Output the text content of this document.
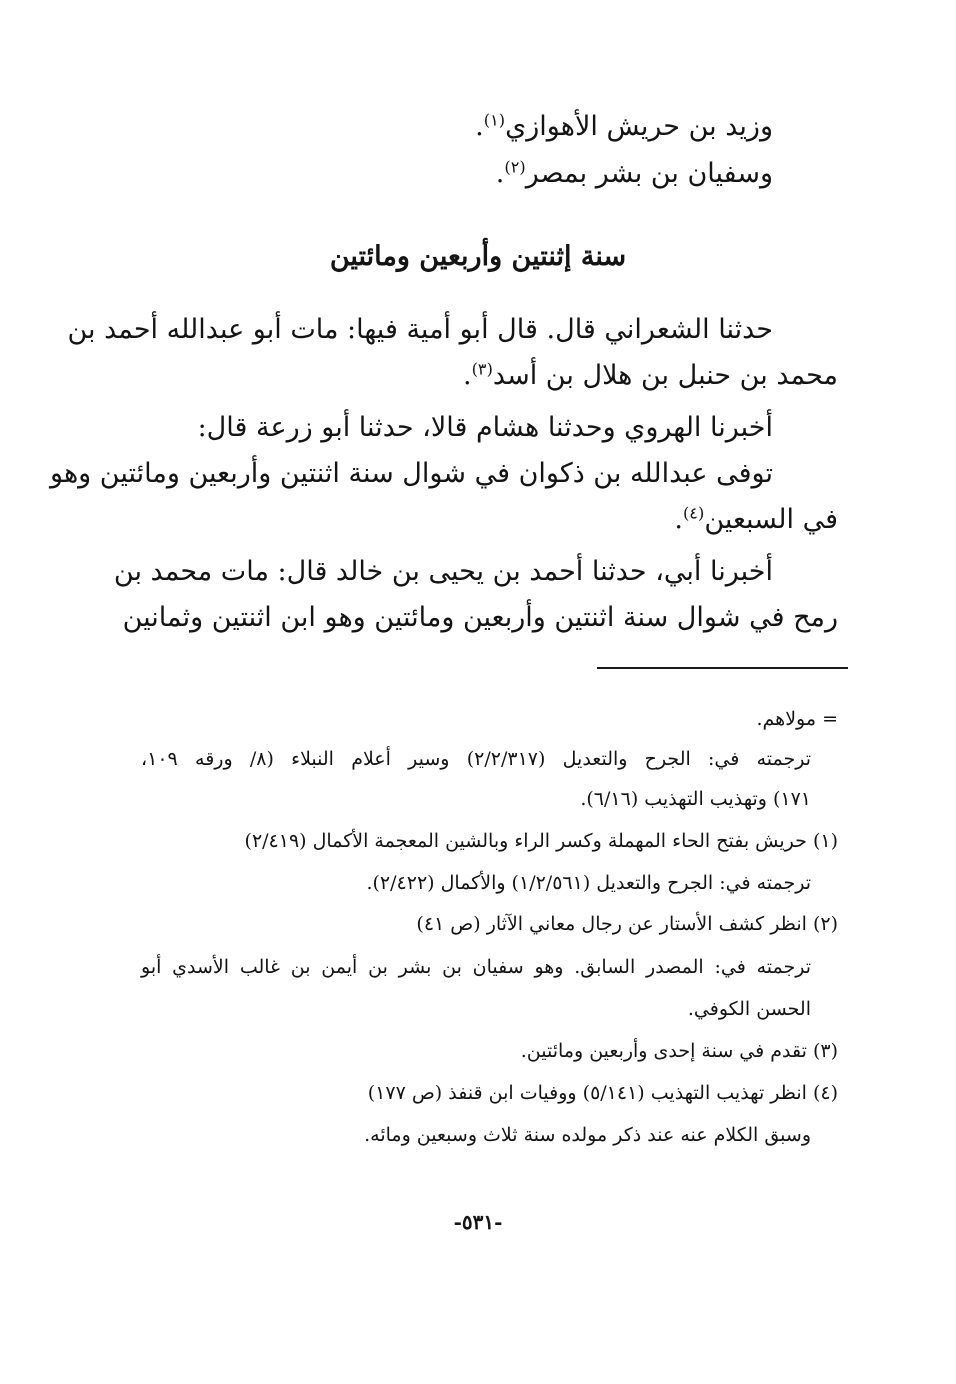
وزيد بن حريش الأهوازي$^{(١)}$.
وسفيان بن بشر بمصر$^{(٢)}$.
سنة إثنتين وأربعين ومائتين
حدثنا الشعراني قال. قال أبو أمية فيها: مات أبو عبدالله أحمد بن
محمد بن حنبل بن هلال بن أسد$^{(٣)}$.
أخبرنا الهروي وحدثنا هشام قالا، حدثنا أبو زرعة قال:
توفى عبدالله بن ذكوان في شوال سنة اثنتين وأربعين ومائتين وهو
في السبعين$^{(٤)}$.
أخبرنا أبي، حدثنا أحمد بن يحيى بن خالد قال: مات محمد بن
رمح في شوال سنة اثنتين وأربعين ومائتين وهو ابن اثنتين وثمانين
= مولاهم.
ترجمته في: الجرح والتعديل (٢/٢/٣١٧) وسير أعلام النبلاء (٨/ ورقه ١٠٩،
١٧١) وتهذيب التهذيب (٦/١٦).
(١) حريش بفتح الحاء المهملة وكسر الراء وبالشين المعجمة الأكمال (٢/٤١٩)
ترجمته في: الجرح والتعديل (١/٢/٥٦١) والأكمال (٢/٤٢٢).
(٢) انظر كشف الأستار عن رجال معاني الآثار (ص ٤١)
ترجمته في: المصدر السابق. وهو سفيان بن بشر بن أيمن بن غالب الأسدي أبو
الحسن الكوفي.
(٣) تقدم في سنة إحدى وأربعين ومائتين.
(٤) انظر تهذيب التهذيب (٥/١٤١) ووفيات ابن قنفذ (ص ١٧٧)
وسبق الكلام عنه عند ذكر مولده سنة ثلاث وسبعين ومائه.
-٥٣١-
